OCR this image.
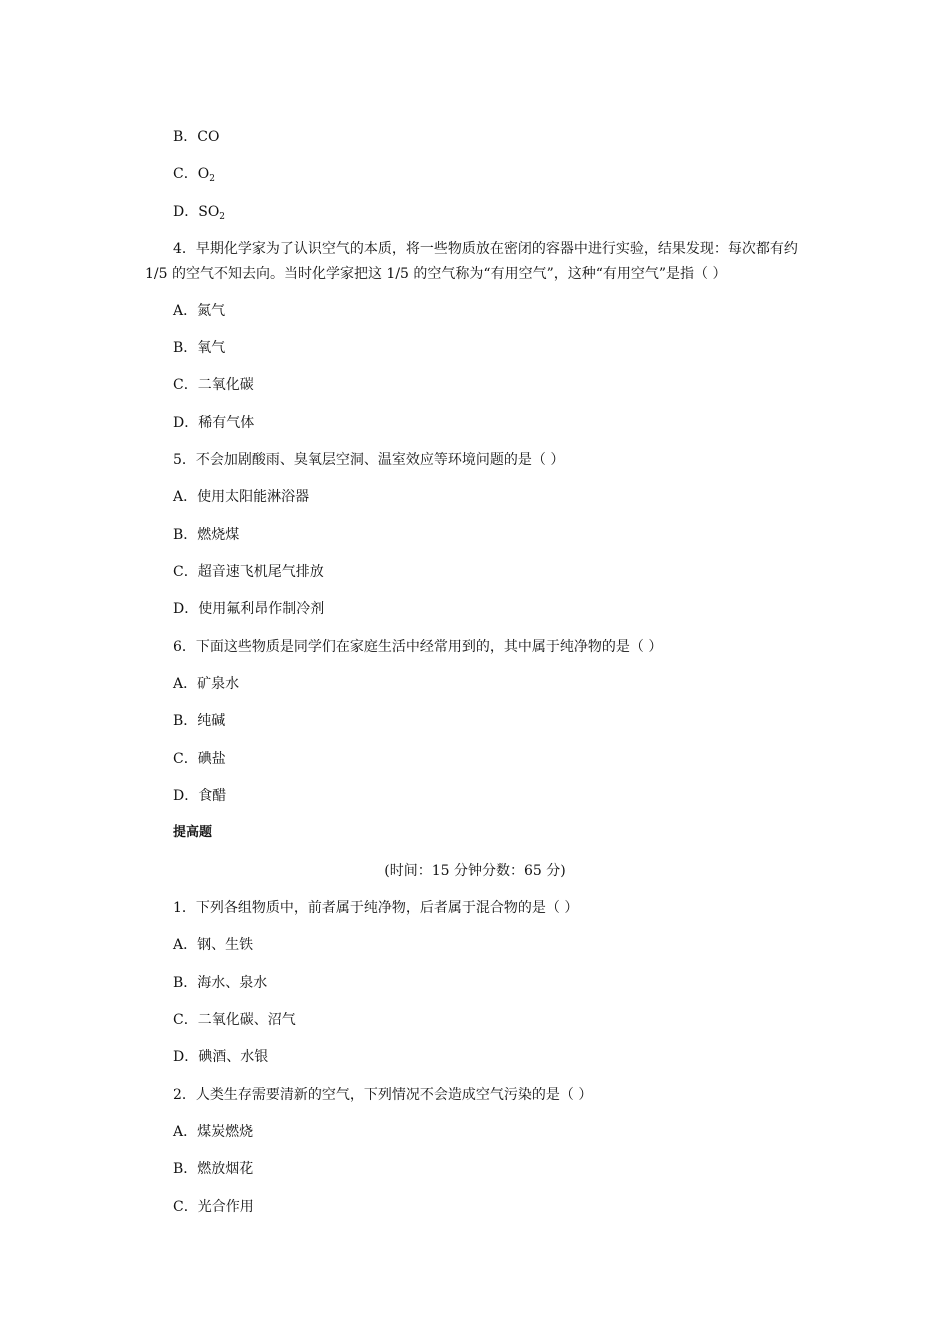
B．CO
C．$O_2$
D．$SO_2$
4．早期化学家为了认识空气的本质，将一些物质放在密闭的容器中进行实验，结果发现：每次都有约
1/5 的空气不知去向。当时化学家把这 1/5 的空气称为“有用空气”，这种“有用空气”是指（ ）
A．氮气
B．氧气
C．二氧化碳
D．稀有气体
5．不会加剧酸雨、臭氧层空洞、温室效应等环境问题的是（ ）
A．使用太阳能淋浴器
B．燃烧煤
C．超音速飞机尾气排放
D．使用氟利昂作制冷剂
6．下面这些物质是同学们在家庭生活中经常用到的，其中属于纯净物的是（ ）
A．矿泉水
B．纯碱
C．碘盐
D．食醋
提高题
(时间：15 分钟分数：65 分)
1．下列各组物质中，前者属于纯净物，后者属于混合物的是（ ）
A．钢、生铁
B．海水、泉水
C．二氧化碳、沼气
D．碘酒、水银
2．人类生存需要清新的空气，下列情况不会造成空气污染的是（ ）
A．煤炭燃烧
B．燃放烟花
C．光合作用
